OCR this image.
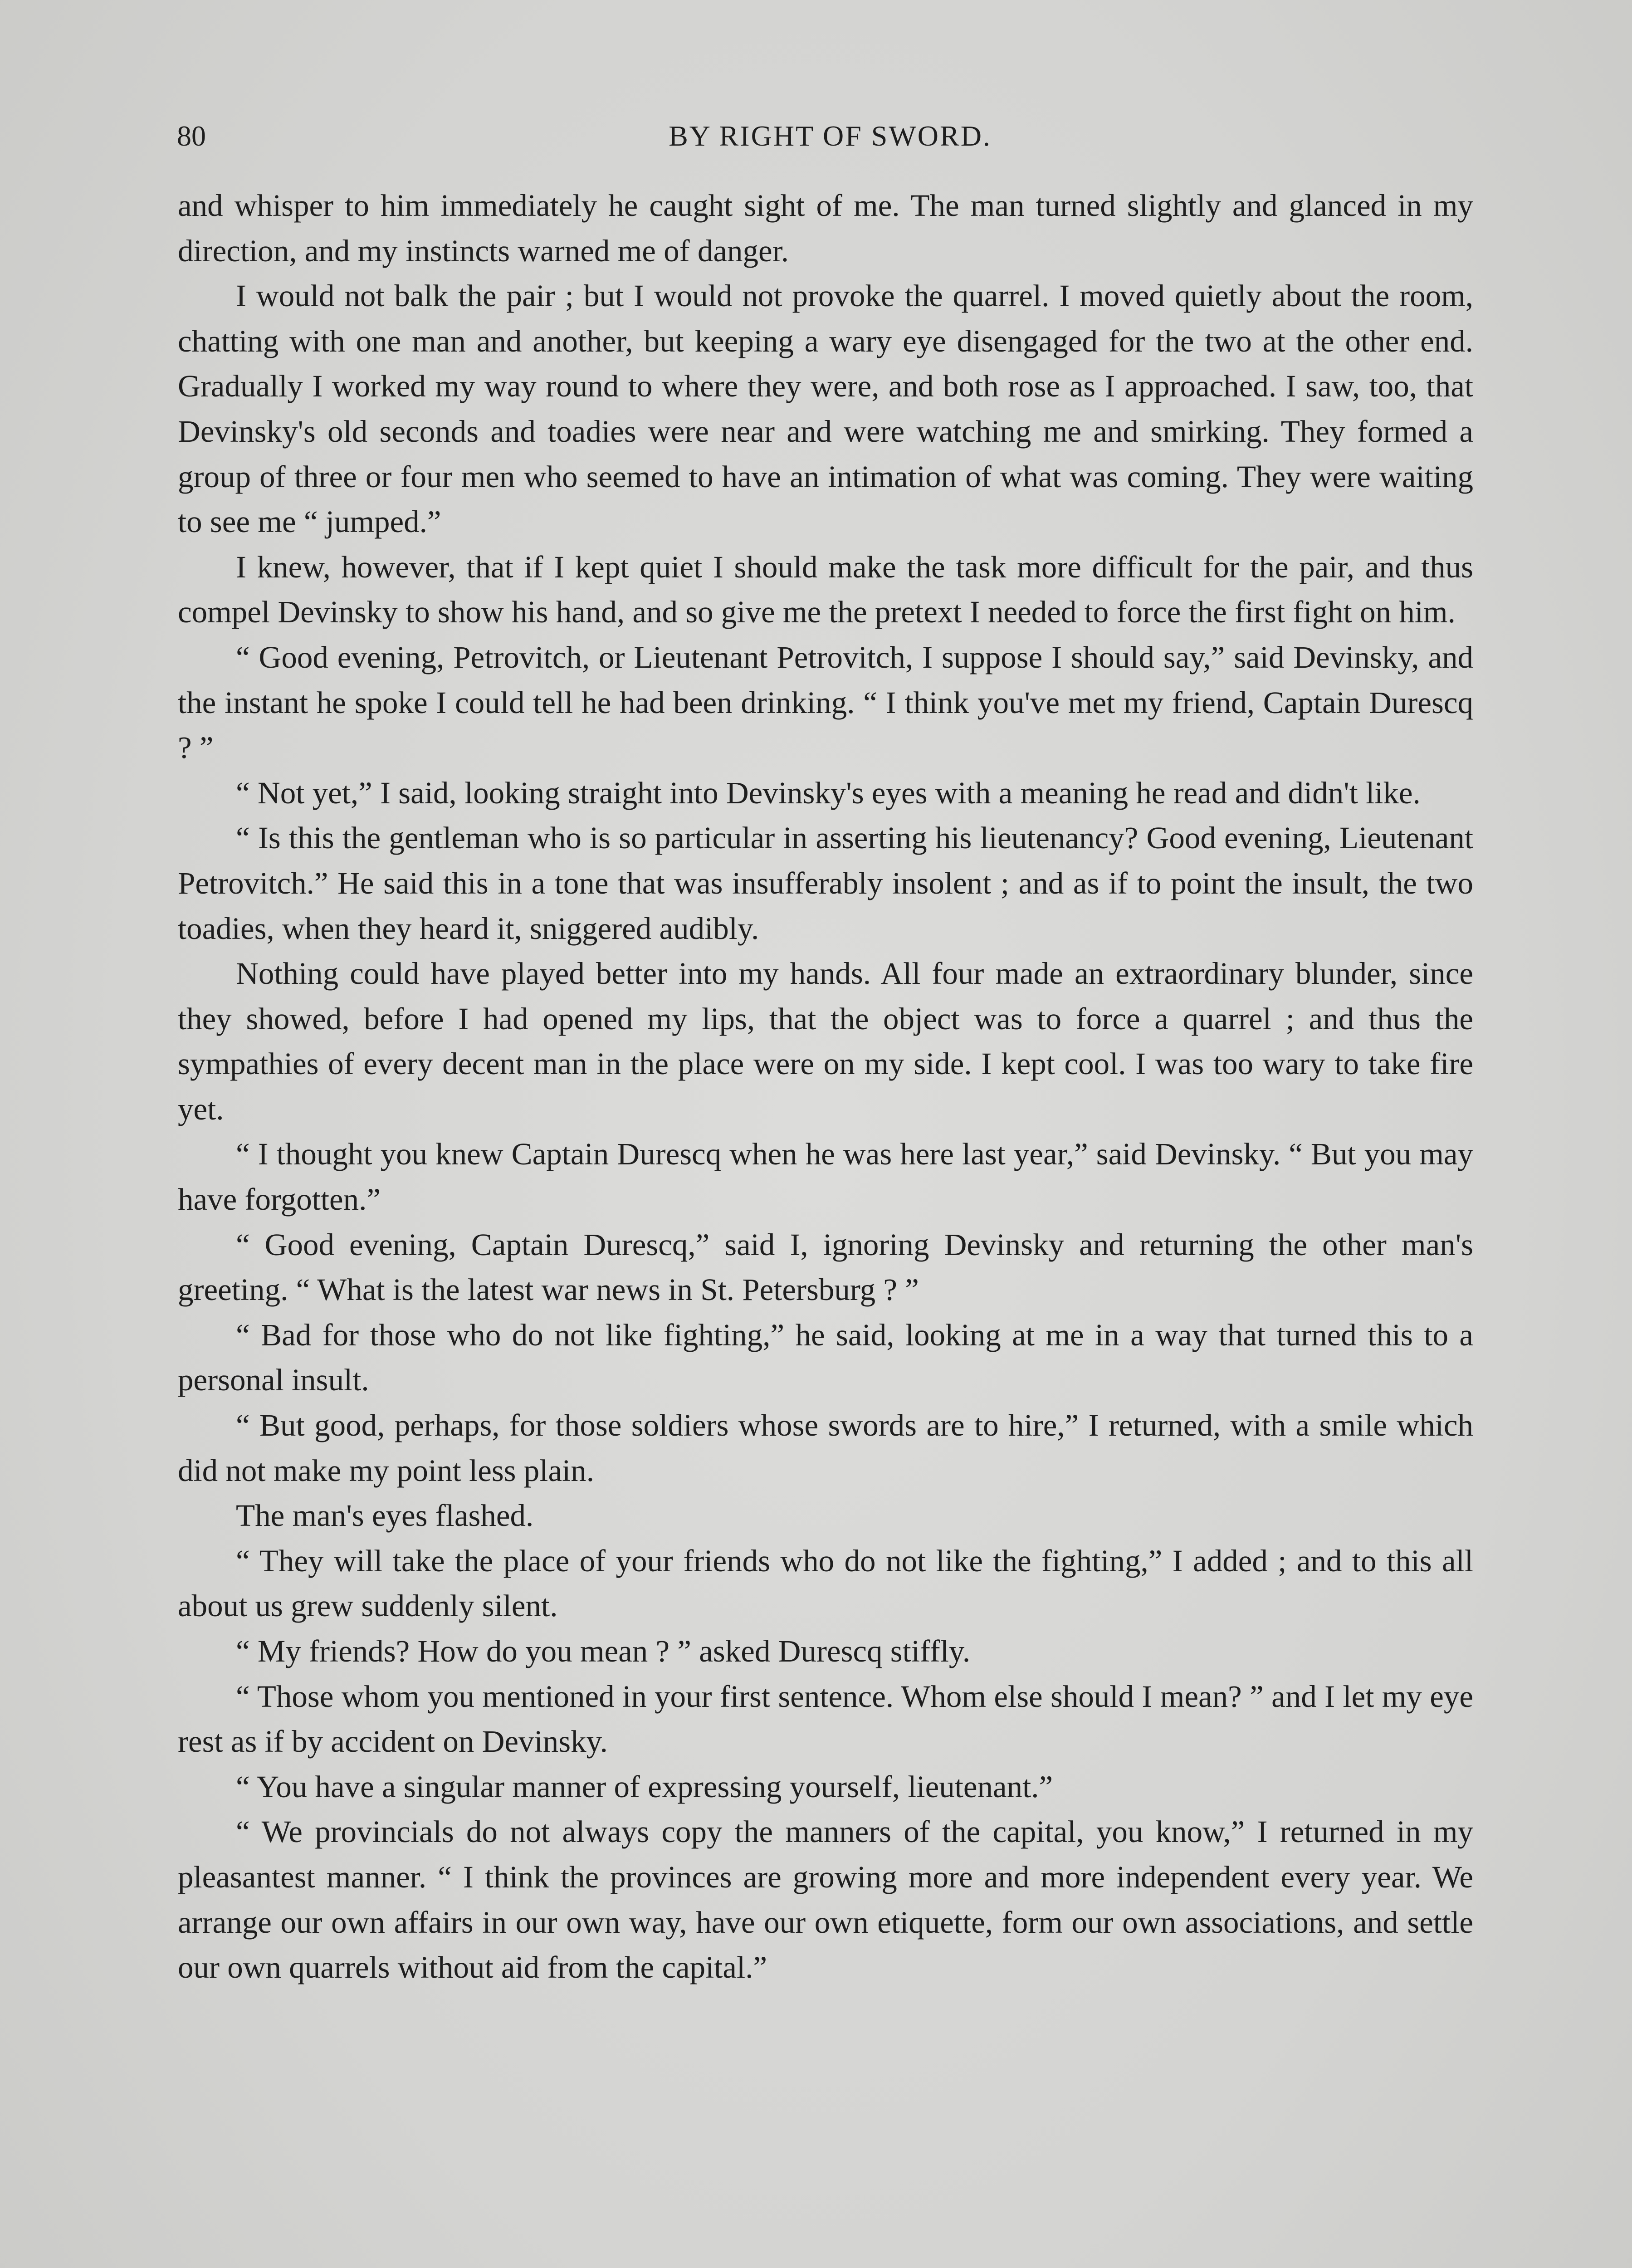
80	BY RIGHT OF SWORD.

and whisper to him immediately he caught sight of me. The man turned slightly and glanced in my direction, and my instincts warned me of danger.

I would not balk the pair ; but I would not provoke the quarrel. I moved quietly about the room, chatting with one man and another, but keeping a wary eye disengaged for the two at the other end. Gradually I worked my way round to where they were, and both rose as I approached. I saw, too, that Devinsky's old seconds and toadies were near and were watching me and smirking. They formed a group of three or four men who seemed to have an intimation of what was coming. They were waiting to see me “ jumped.”

I knew, however, that if I kept quiet I should make the task more difficult for the pair, and thus compel Devinsky to show his hand, and so give me the pretext I needed to force the first fight on him.

“ Good evening, Petrovitch, or Lieutenant Petrovitch, I suppose I should say,” said Devinsky, and the instant he spoke I could tell he had been drinking. “ I think you've met my friend, Captain Durescq ? ”

“ Not yet,” I said, looking straight into Devinsky's eyes with a meaning he read and didn't like.

“ Is this the gentleman who is so particular in asserting his lieutenancy? Good evening, Lieutenant Petrovitch.” He said this in a tone that was insufferably insolent ; and as if to point the insult, the two toadies, when they heard it, sniggered audibly.

Nothing could have played better into my hands. All four made an extraordinary blunder, since they showed, before I had opened my lips, that the object was to force a quarrel ; and thus the sympathies of every decent man in the place were on my side. I kept cool. I was too wary to take fire yet.

“ I thought you knew Captain Durescq when he was here last year,” said Devinsky. “ But you may have forgotten.”

“ Good evening, Captain Durescq,” said I, ignoring Devinsky and returning the other man's greeting. “ What is the latest war news in St. Petersburg ? ”

“ Bad for those who do not like fighting,” he said, looking at me in a way that turned this to a personal insult.

“ But good, perhaps, for those soldiers whose swords are to hire,” I returned, with a smile which did not make my point less plain.

The man's eyes flashed.

“ They will take the place of your friends who do not like the fighting,” I added ; and to this all about us grew suddenly silent.

“ My friends? How do you mean ? ” asked Durescq stiffly.

“ Those whom you mentioned in your first sentence. Whom else should I mean? ” and I let my eye rest as if by accident on Devinsky.

“ You have a singular manner of expressing yourself, lieutenant.”

“ We provincials do not always copy the manners of the capital, you know,” I returned in my pleasantest manner. “ I think the provinces are growing more and more independent every year. We arrange our own affairs in our own way, have our own etiquette, form our own associations, and settle our own quarrels without aid from the capital.”
